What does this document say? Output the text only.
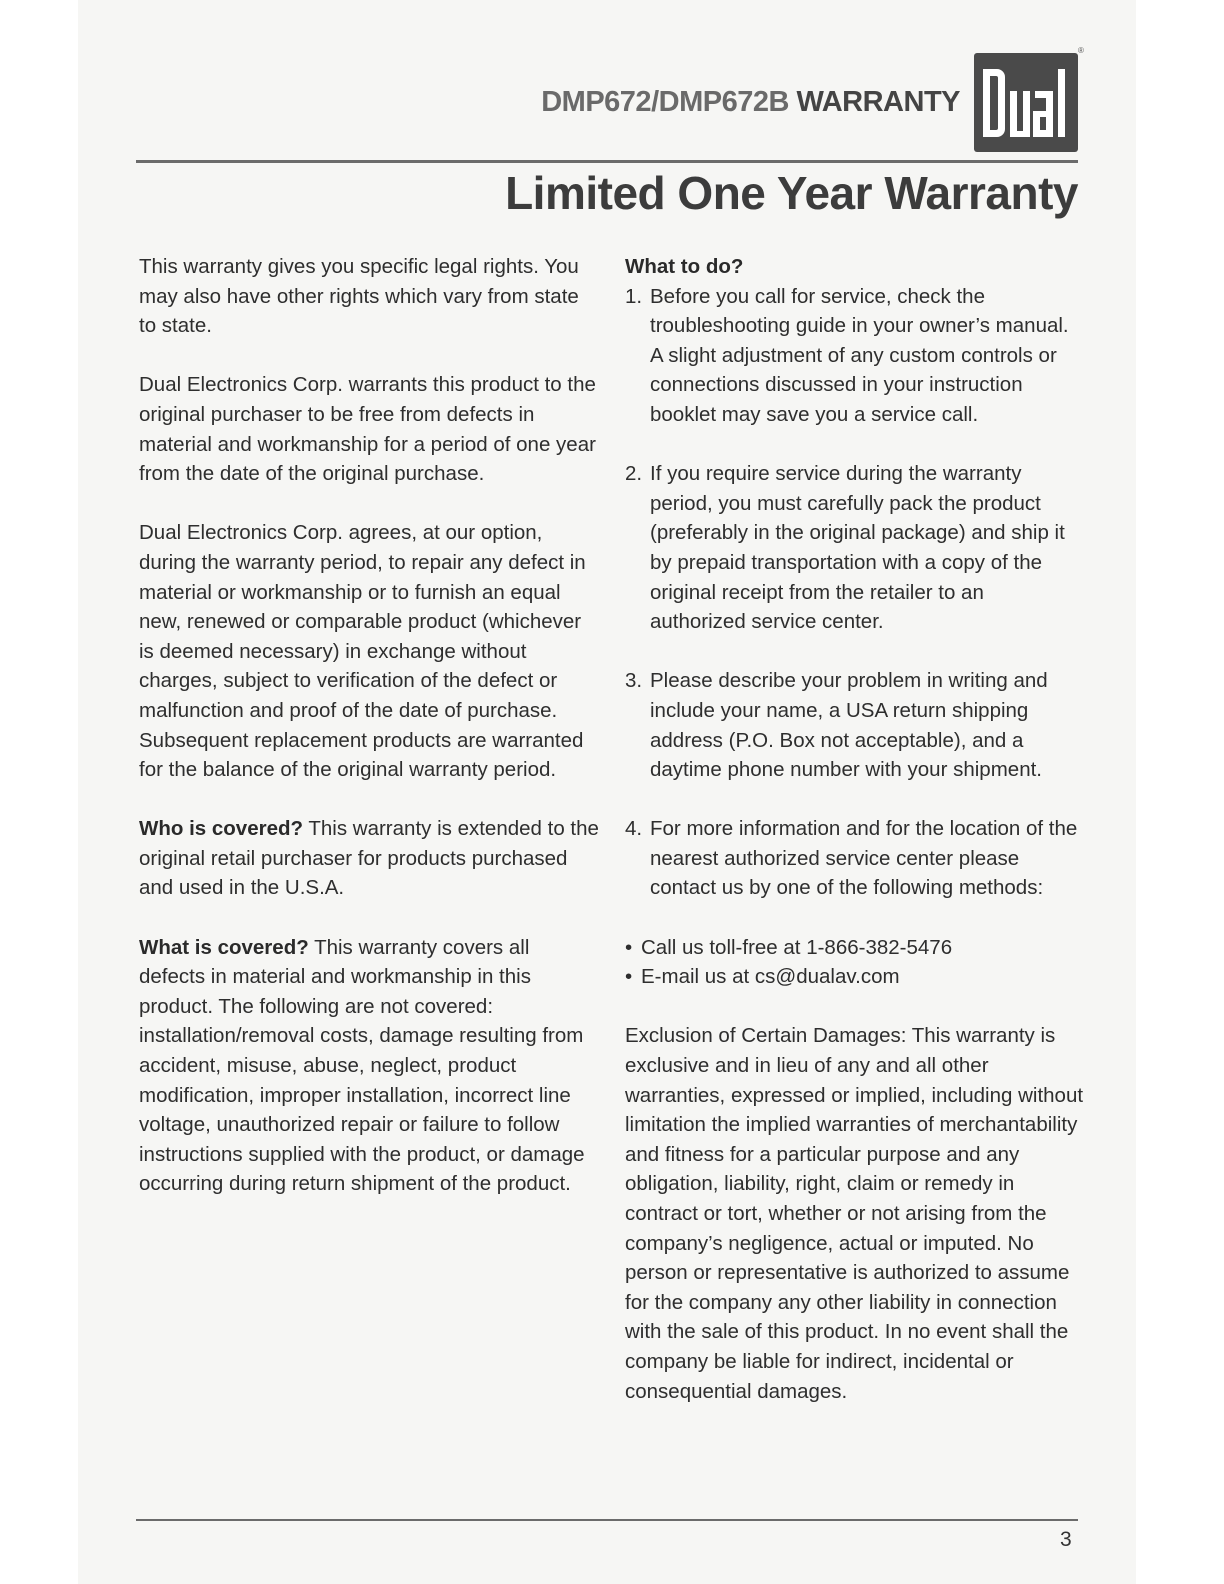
DMP672/DMP672B WARRANTY
®
Limited One Year Warranty

This warranty gives you specific legal rights. You may also have other rights which vary from state to state.

Dual Electronics Corp. warrants this product to the original purchaser to be free from defects in material and workmanship for a period of one year from the date of the original purchase.

Dual Electronics Corp. agrees, at our option, during the warranty period, to repair any defect in material or workmanship or to furnish an equal new, renewed or comparable product (whichever is deemed necessary) in exchange without charges, subject to verification of the defect or malfunction and proof of the date of purchase. Subsequent replacement products are warranted for the balance of the original warranty period.

Who is covered? This warranty is extended to the original retail purchaser for products purchased and used in the U.S.A.

What is covered? This warranty covers all defects in material and workmanship in this product. The following are not covered: installation/removal costs, damage resulting from accident, misuse, abuse, neglect, product modification, improper installation, incorrect line voltage, unauthorized repair or failure to follow instructions supplied with the product, or damage occurring during return shipment of the product.

What to do?
1. Before you call for service, check the troubleshooting guide in your owner’s manual. A slight adjustment of any custom controls or connections discussed in your instruction booklet may save you a service call.
2. If you require service during the warranty period, you must carefully pack the product (preferably in the original package) and ship it by prepaid transportation with a copy of the original receipt from the retailer to an authorized service center.
3. Please describe your problem in writing and include your name, a USA return shipping address (P.O. Box not acceptable), and a daytime phone number with your shipment.
4. For more information and for the location of the nearest authorized service center please contact us by one of the following methods:
• Call us toll-free at 1-866-382-5476
• E-mail us at cs@dualav.com

Exclusion of Certain Damages: This warranty is exclusive and in lieu of any and all other warranties, expressed or implied, including without limitation the implied warranties of merchantability and fitness for a particular purpose and any obligation, liability, right, claim or remedy in contract or tort, whether or not arising from the company’s negligence, actual or imputed. No person or representative is authorized to assume for the company any other liability in connection with the sale of this product. In no event shall the company be liable for indirect, incidental or consequential damages.

3
